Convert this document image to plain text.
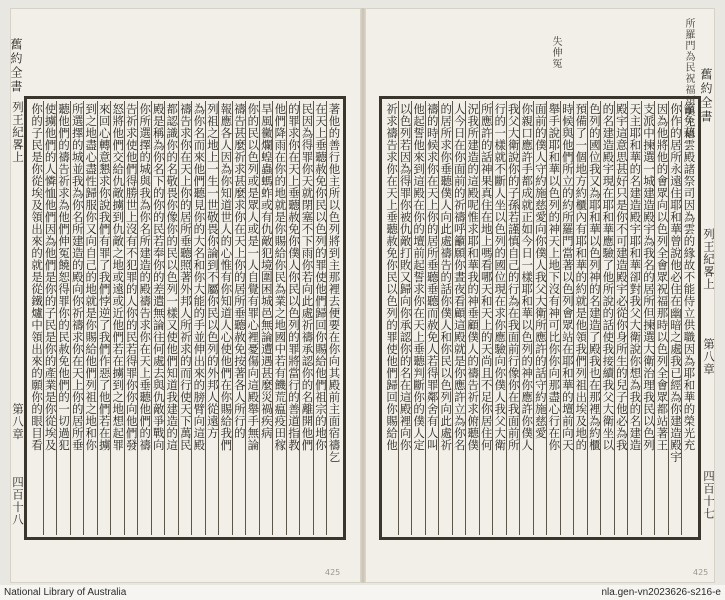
舊約全書
著他的善行他主所以色列將到主那裡去便要在你向其殿前主面宿禱乞
在天上垂聽赦免你民以色列的罪使他們歸回你賜給他們祖宗的地你
民因為得罪你天就閉塞不下雨你若向此處祈禱承認你的名離開他們
的罪求你在天上垂聽赦免你僕人你民以色列的罪將當行的善道指教
他們降雨在你的地就是你賜給你民為業之地國中若有饑荒瘟疫田稼
旱風黴爛蝗蟲螞蚱或有仇敵犯境圍困城邑無論遭遇甚麼災禍疾病
你的民以色列或是眾人或是一人自覺有罪心裡憂傷向這殿舉手無論
禱告甚麼祈求甚麼求你在天上你的居所垂聽赦免按著各人所行的
報應各人因為你知道世人的心惟有你知道人心使他們在你賜給我們
列祖之地上一生一世敬畏你論到不屬你民以色列的外邦人從遠方
為你名而來他們聽見你的大名和你大能的手並伸出來的膀臂向這殿
禱告求你在天上你的居所垂聽照著外邦人所祈求的而行使天下萬民
都認識你的名敬畏你像你的民以色列一樣又使他們知道我建造的這
殿是稱為你名下的你的民若奉你的差遣無論往何處去與仇敵爭戰向
你所選擇的城與我為你名所建造的殿禱告求你在天上垂聽他們的禱
告祈求使他們得勝世上沒有不犯罪的人你的民若得罪你你向他們發
怒將他們交給仇敵擄到仇敵之地或遠或近他們若在擄到之地想起罪
來回心轉意懇求你說我們有罪了我們悖逆了我們作惡了他們若在擄
到之地盡心盡性歸服你又向自己的地就是你賜給他們列祖之地和你
所選擇的城並我為你名所建造的殿向你祈禱求你在天上你的居所垂
聽他們的禱告祈求為他們伸冤饒恕得罪你的民赦免他們的一切過犯
使擄他們的人憐恤他們因為他們是你的子民是你的產業是你從埃及
你的子民是你從埃及領出來的就是從鐵爐中領出來的願你的眼目看
列王紀畧上
第八章
四百十八
425
所羅門為民祝福頌美主恩
失伸冤
舊約全書
籲免藉雲殿諸祭司因為雲的緣故不能侍立供職因為耶和華的榮光充
你作的居所永遠住耶和華曾說他必住在幽暗之處我已經為你建造殿宇
因為他將他的會眾向以色列全會眾祝福那時以色列全會眾都站著王
支派中揀選一城建造殿宇為我名的居所但揀選大衛治理我民以色列
天主耶和華的名建造殿宇耶和華卻對我父大衛說你想為我的名建造
殿宇這意思甚好只是你不可建造殿宇必從你身所生的兒子他必為我
的名建造殿宇現在耶和華應驗了他所說的話使我接續我父大衛坐以
色列的國位我又為耶和華以色列神的名建造了殿我也在那裡為約櫃
預備了一個地方約櫃內有耶和華的約就是他領我們列祖出埃及地的
時候與他們所立的約所羅門當著以色列會眾站在耶和華的壇前向天
舉手說耶和華以色列的神天上地下沒有神可比你你向那盡心行在你
面前的僕人守約施慈愛向你僕人我父大衛所應許的話守約施慈愛
你親口應許手都成就正如今日一樣耶和華以色列的神你應許你僕人
我父大衛說你的子孫若謹慎自己的行為在我面前行像你在我面前所
行的一樣就不斷人坐以色列的國位現在求你應驗向你僕人我父大衛
所應許的話神果真住在地上嗎看哪天和天上的天尚且不足你居住何
況我所建造的這殿呢惟求耶和華我的神垂顧僕人的禱告祈求俯聽僕
人今日在你面前的祈禱呼籲願你晝夜看顧這殿就是你應許立為你名
的居所求你垂聽僕人向此處禱告的話你僕人和你民以色列向此處祈
禱的時候求你在天上你的居所垂聽垂聽而赦免人若得罪鄰舍有人叫
他起誓他來到這殿在你的壇前起誓求你在天上垂聽判斷你的僕人定
以色列若因為得罪你被仇敵打敗又歸向你承認你的名在這殿裡向你
祈求禱告求你在天上垂聽赦免你民以色列的罪使他們歸回你賜給他	列王紀畧上
第八章
四百十七
425
National Library of Australia	nla.gen-vn2023626-s216-e
